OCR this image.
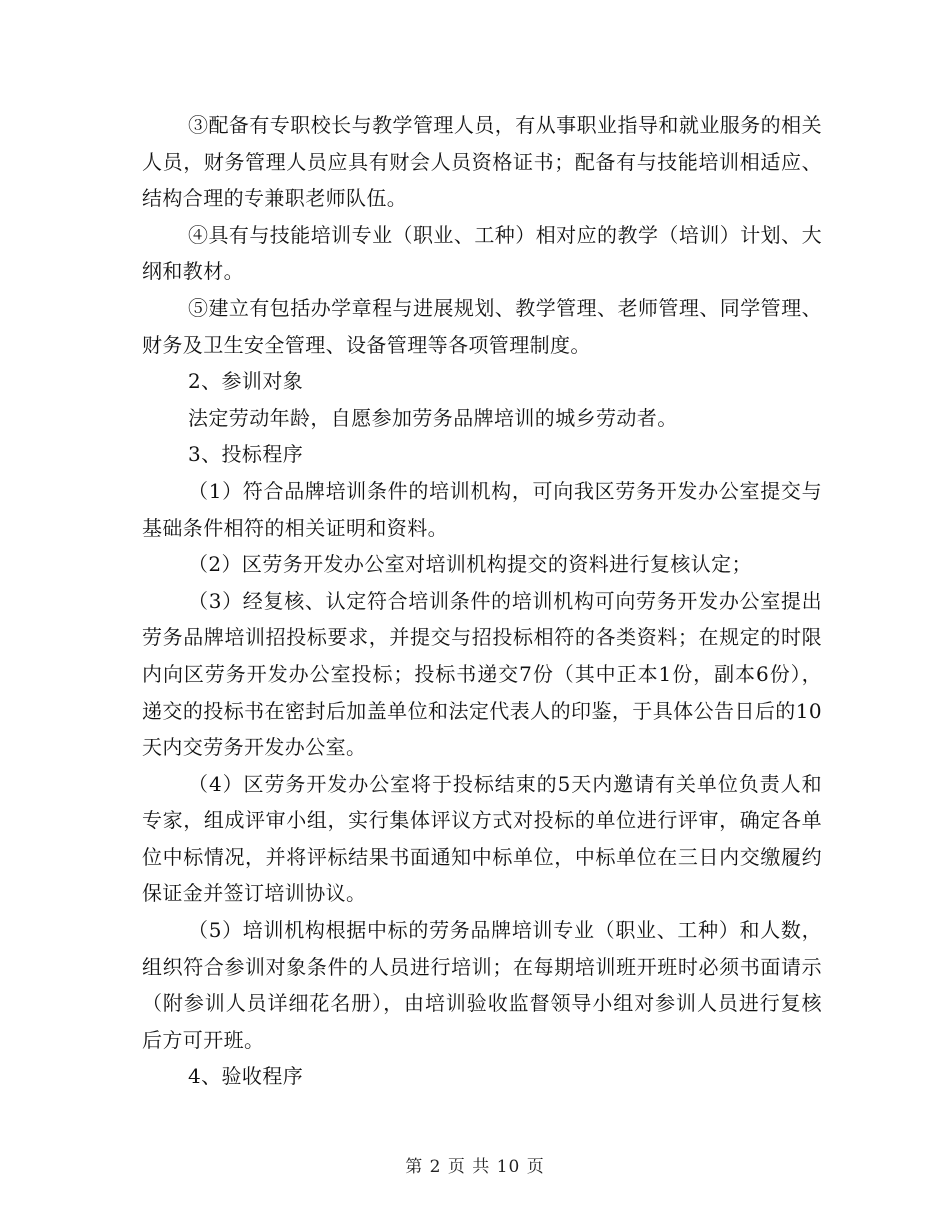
③配备有专职校长与教学管理人员，有从事职业指导和就业服务的相关人员，财务管理人员应具有财会人员资格证书；配备有与技能培训相适应、结构合理的专兼职老师队伍。

④具有与技能培训专业（职业、工种）相对应的教学（培训）计划、大纲和教材。

⑤建立有包括办学章程与进展规划、教学管理、老师管理、同学管理、财务及卫生安全管理、设备管理等各项管理制度。

2、参训对象

法定劳动年龄，自愿参加劳务品牌培训的城乡劳动者。

3、投标程序

（1）符合品牌培训条件的培训机构，可向我区劳务开发办公室提交与基础条件相符的相关证明和资料。

（2）区劳务开发办公室对培训机构提交的资料进行复核认定；

（3）经复核、认定符合培训条件的培训机构可向劳务开发办公室提出劳务品牌培训招投标要求，并提交与招投标相符的各类资料；在规定的时限内向区劳务开发办公室投标；投标书递交7份（其中正本1份，副本6份），递交的投标书在密封后加盖单位和法定代表人的印鉴，于具体公告日后的10天内交劳务开发办公室。

（4）区劳务开发办公室将于投标结束的5天内邀请有关单位负责人和专家，组成评审小组，实行集体评议方式对投标的单位进行评审，确定各单位中标情况，并将评标结果书面通知中标单位，中标单位在三日内交缴履约保证金并签订培训协议。

（5）培训机构根据中标的劳务品牌培训专业（职业、工种）和人数，组织符合参训对象条件的人员进行培训；在每期培训班开班时必须书面请示（附参训人员详细花名册），由培训验收监督领导小组对参训人员进行复核后方可开班。

4、验收程序

第 2 页 共 10 页
